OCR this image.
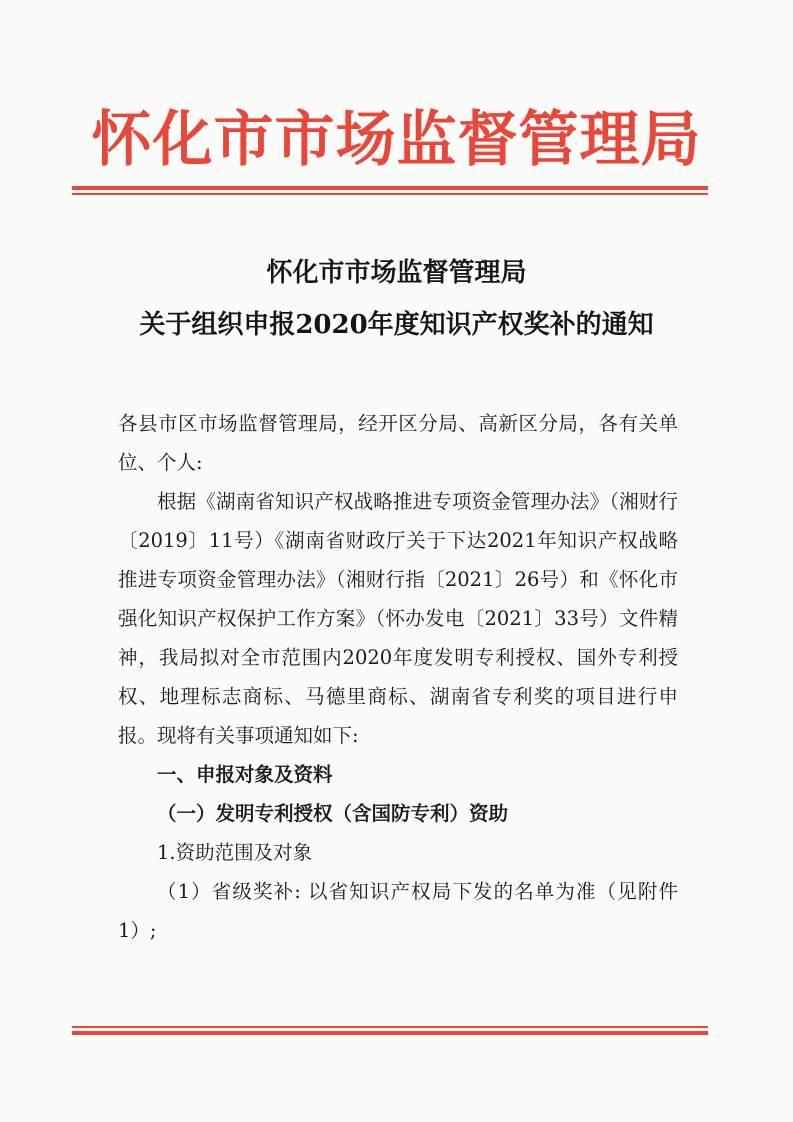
怀化市市场监督管理局
怀化市市场监督管理局
关于组织申报2020年度知识产权奖补的通知

各县市区市场监督管理局，经开区分局、高新区分局，各有关单位、个人:

根据《湖南省知识产权战略推进专项资金管理办法》（湘财行〔2019〕11号）《湖南省财政厅关于下达2021年知识产权战略推进专项资金管理办法》（湘财行指〔2021〕26号）和《怀化市强化知识产权保护工作方案》（怀办发电〔2021〕33号）文件精神，我局拟对全市范围内2020年度发明专利授权、国外专利授权、地理标志商标、马德里商标、湖南省专利奖的项目进行申报。现将有关事项通知如下:

一、申报对象及资料

（一）发明专利授权（含国防专利）资助

1.资助范围及对象

（1）省级奖补: 以省知识产权局下发的名单为准（见附件1）;
